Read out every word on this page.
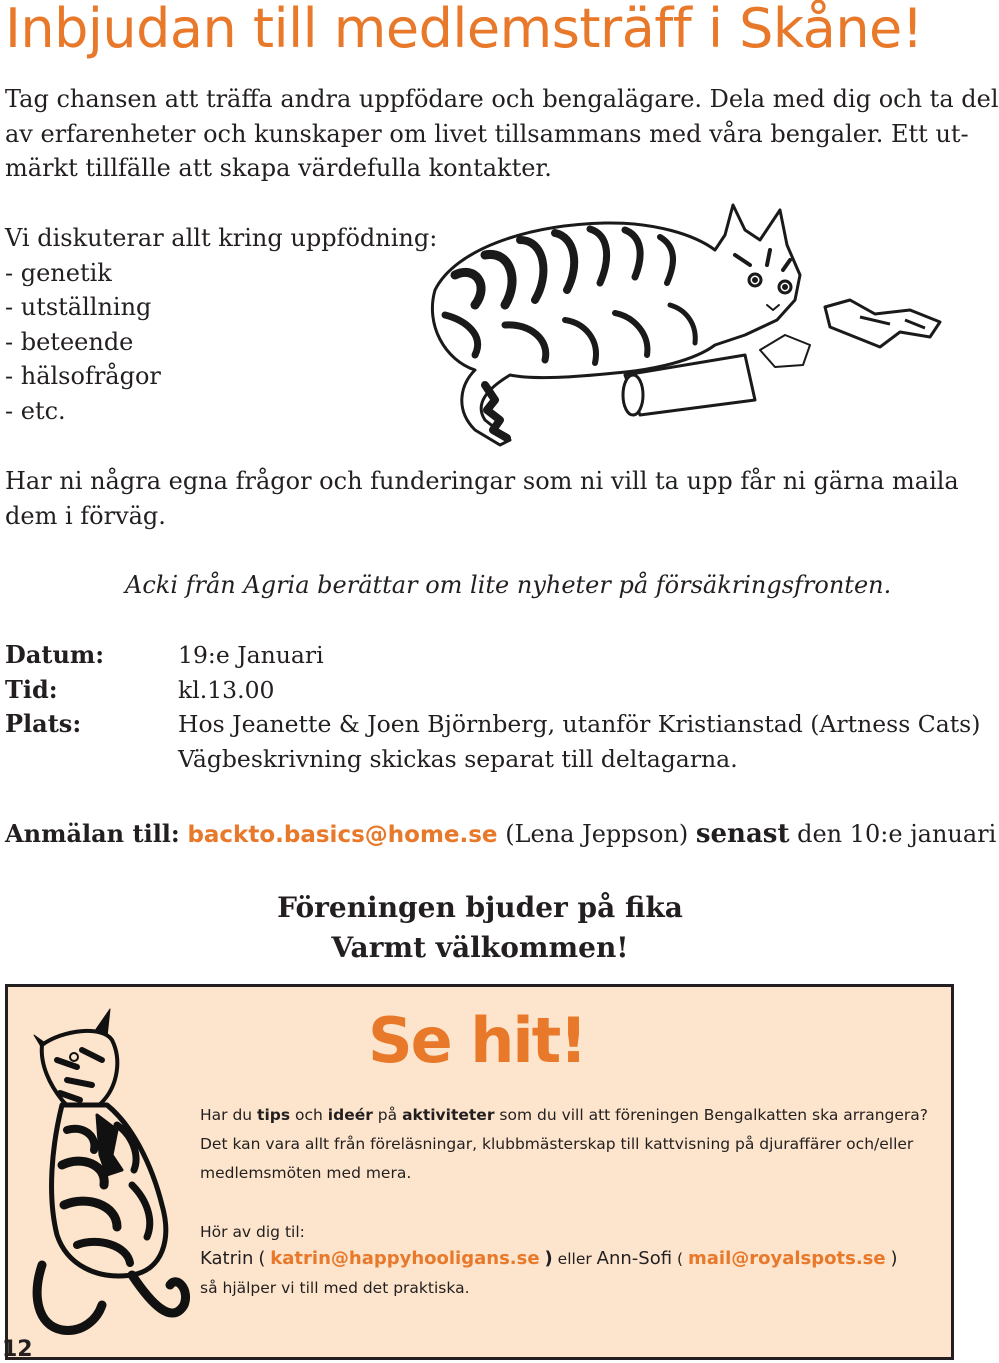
Inbjudan till medlemsträff i Skåne!

Tag chansen att träffa andra uppfödare och bengalägare. Dela med dig och ta del
av erfarenheter och kunskaper om livet tillsammans med våra bengaler. Ett ut-
märkt tillfälle att skapa värdefulla kontakter.

Vi diskuterar allt kring uppfödning:
- genetik
- utställning
- beteende
- hälsofrågor
- etc.

Har ni några egna frågor och funderingar som ni vill ta upp får ni gärna maila
dem i förväg.

Acki från Agria berättar om lite nyheter på försäkringsfronten.

Datum:	19:e Januari
Tid:	kl.13.00
Plats:	Hos Jeanette & Joen Björnberg, utanför Kristianstad (Artness Cats)
Vägbeskrivning skickas separat till deltagarna.
Anmälan till: backto.basics@home.se (Lena Jeppson) senast den 10:e januari
Föreningen bjuder på fika
Varmt välkommen!
Se hit!
Har du tips och ideér på aktiviteter som du vill att föreningen Bengalkatten ska arrangera?
Det kan vara allt från föreläsningar, klubbmästerskap till kattvisning på djuraffärer och/eller
medlemsmöten med mera.
Hör av dig til:
Katrin ( katrin@happyhooligans.se ) eller Ann-Sofi ( mail@royalspots.se )
så hjälper vi till med det praktiska.
12
